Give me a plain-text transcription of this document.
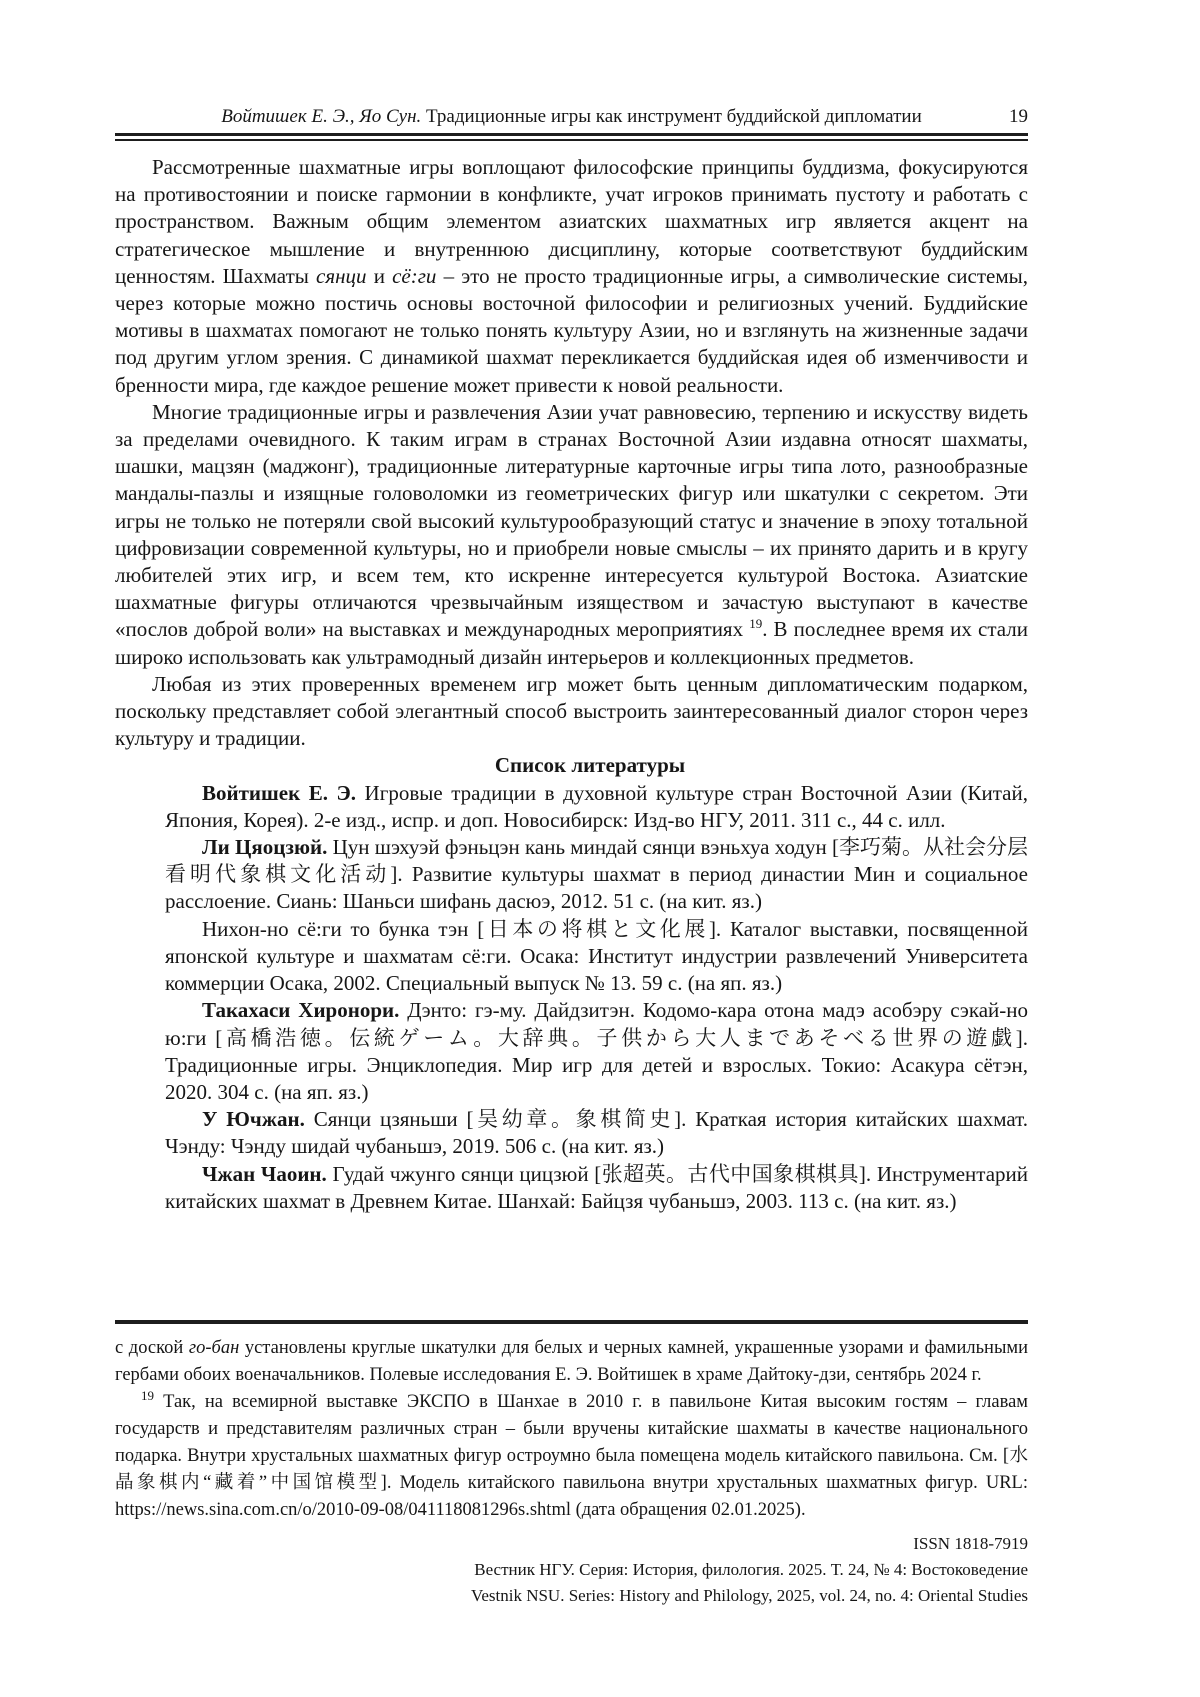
Войтишек Е. Э., Яо Сун. Традиционные игры как инструмент буддийской дипломатии	19

Рассмотренные шахматные игры воплощают философские принципы буддизма, фокусируются на противостоянии и поиске гармонии в конфликте, учат игроков принимать пустоту и работать с пространством. Важным общим элементом азиатских шахматных игр является акцент на стратегическое мышление и внутреннюю дисциплину, которые соответствуют буддийским ценностям. Шахматы сянци и сё:ги – это не просто традиционные игры, а символические системы, через которые можно постичь основы восточной философии и религиозных учений. Буддийские мотивы в шахматах помогают не только понять культуру Азии, но и взглянуть на жизненные задачи под другим углом зрения. С динамикой шахмат перекликается буддийская идея об изменчивости и бренности мира, где каждое решение может привести к новой реальности.

Многие традиционные игры и развлечения Азии учат равновесию, терпению и искусству видеть за пределами очевидного. К таким играм в странах Восточной Азии издавна относят шахматы, шашки, мацзян (маджонг), традиционные литературные карточные игры типа лото, разнообразные мандалы-пазлы и изящные головоломки из геометрических фигур или шкатулки с секретом. Эти игры не только не потеряли свой высокий культурообразующий статус и значение в эпоху тотальной цифровизации современной культуры, но и приобрели новые смыслы – их принято дарить и в кругу любителей этих игр, и всем тем, кто искренне интересуется культурой Востока. Азиатские шахматные фигуры отличаются чрезвычайным изяществом и зачастую выступают в качестве «послов доброй воли» на выставках и международных мероприятиях $^{19}$. В последнее время их стали широко использовать как ультрамодный дизайн интерьеров и коллекционных предметов.

Любая из этих проверенных временем игр может быть ценным дипломатическим подарком, поскольку представляет собой элегантный способ выстроить заинтересованный диалог сторон через культуру и традиции.

Список литературы

Войтишек Е. Э. Игровые традиции в духовной культуре стран Восточной Азии (Китай, Япония, Корея). 2-е изд., испр. и доп. Новосибирск: Изд-во НГУ, 2011. 311 с., 44 с. илл.

Ли Цяоцзюй. Цун шэхуэй фэньцэн кань миндай сянци вэньхуа ходун [李巧菊。从社会分层看明代象棋文化活动]. Развитие культуры шахмат в период династии Мин и социальное расслоение. Сиань: Шаньси шифань дасюэ, 2012. 51 с. (на кит. яз.)

Нихон-но сё:ги то бунка тэн [日本の将棋と文化展]. Каталог выставки, посвященной японской культуре и шахматам сё:ги. Осака: Институт индустрии развлечений Университета коммерции Осака, 2002. Специальный выпуск № 13. 59 с. (на яп. яз.)

Такахаси Хиронори. Дэнто: гэ-му. Дайдзитэн. Кодомо-кара отона мадэ асобэру сэкай-но ю:ги [高橋浩徳。伝統ゲーム。大辞典。子供から大人まであそべる世界の遊戯]. Традиционные игры. Энциклопедия. Мир игр для детей и взрослых. Токио: Асакура сётэн, 2020. 304 с. (на яп. яз.)

У Ючжан. Сянци цзяньши [吴幼章。象棋简史]. Краткая история китайских шахмат. Чэнду: Чэнду шидай чубаньшэ, 2019. 506 с. (на кит. яз.)

Чжан Чаоин. Гудай чжунго сянци цицзюй [张超英。古代中国象棋棋具]. Инструментарий китайских шахмат в Древнем Китае. Шанхай: Байцзя чубаньшэ, 2003. 113 с. (на кит. яз.)

с доской го-бан установлены круглые шкатулки для белых и черных камней, украшенные узорами и фамильными гербами обоих военачальников. Полевые исследования Е. Э. Войтишек в храме Дайтоку-дзи, сентябрь 2024 г.

$^{19}$ Так, на всемирной выставке ЭКСПО в Шанхае в 2010 г. в павильоне Китая высоким гостям – главам государств и представителям различных стран – были вручены китайские шахматы в качестве национального подарка. Внутри хрустальных шахматных фигур остроумно была помещена модель китайского павильона. См. [水晶象棋内“藏着”中国馆模型]. Модель китайского павильона внутри хрустальных шахматных фигур. URL: https://news.sina.com.cn/o/2010-09-08/041118081296s.shtml (дата обращения 02.01.2025).

ISSN 1818-7919
Вестник НГУ. Серия: История, филология. 2025. Т. 24, № 4: Востоковедение
Vestnik NSU. Series: History and Philology, 2025, vol. 24, no. 4: Oriental Studies
